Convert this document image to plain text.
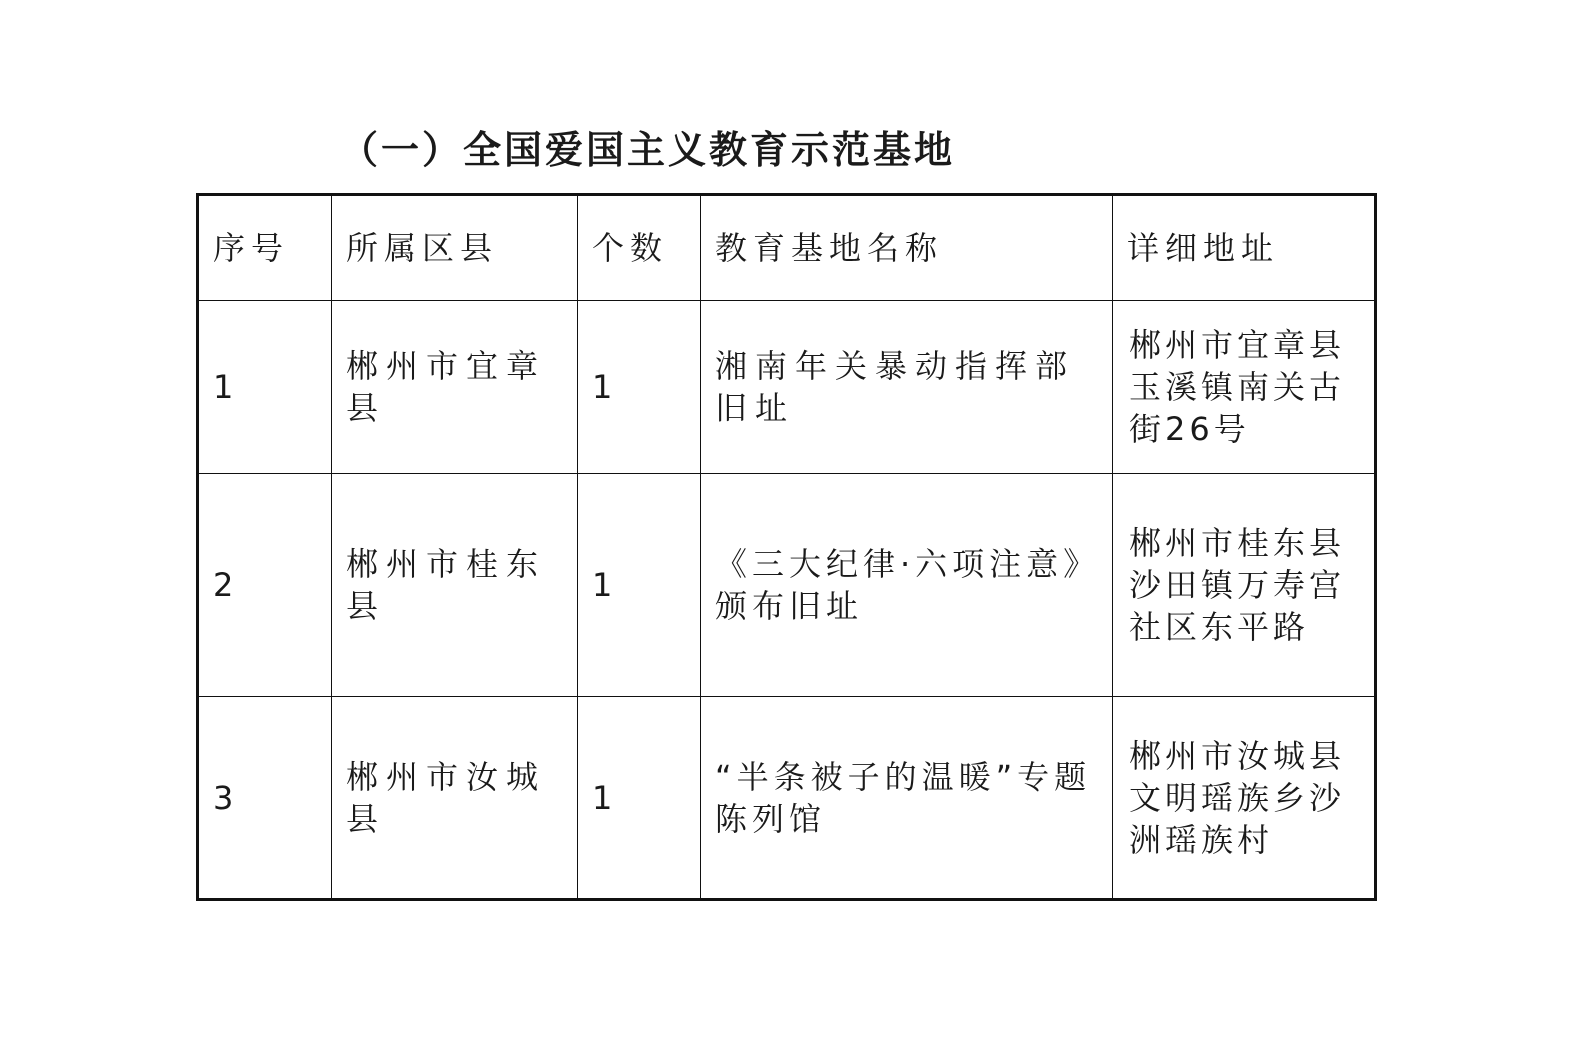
（一）全国爱国主义教育示范基地
序号	所属区县	个数	教育基地名称	详细地址
1	郴州市宜章县	1	湘南年关暴动指挥部旧址	郴州市宜章县玉溪镇南关古街26号
2	郴州市桂东县	1	《三大纪律·六项注意》颁布旧址	郴州市桂东县沙田镇万寿宫社区东平路
3	郴州市汝城县	1	“半条被子的温暖”专题陈列馆	郴州市汝城县文明瑶族乡沙洲瑶族村
